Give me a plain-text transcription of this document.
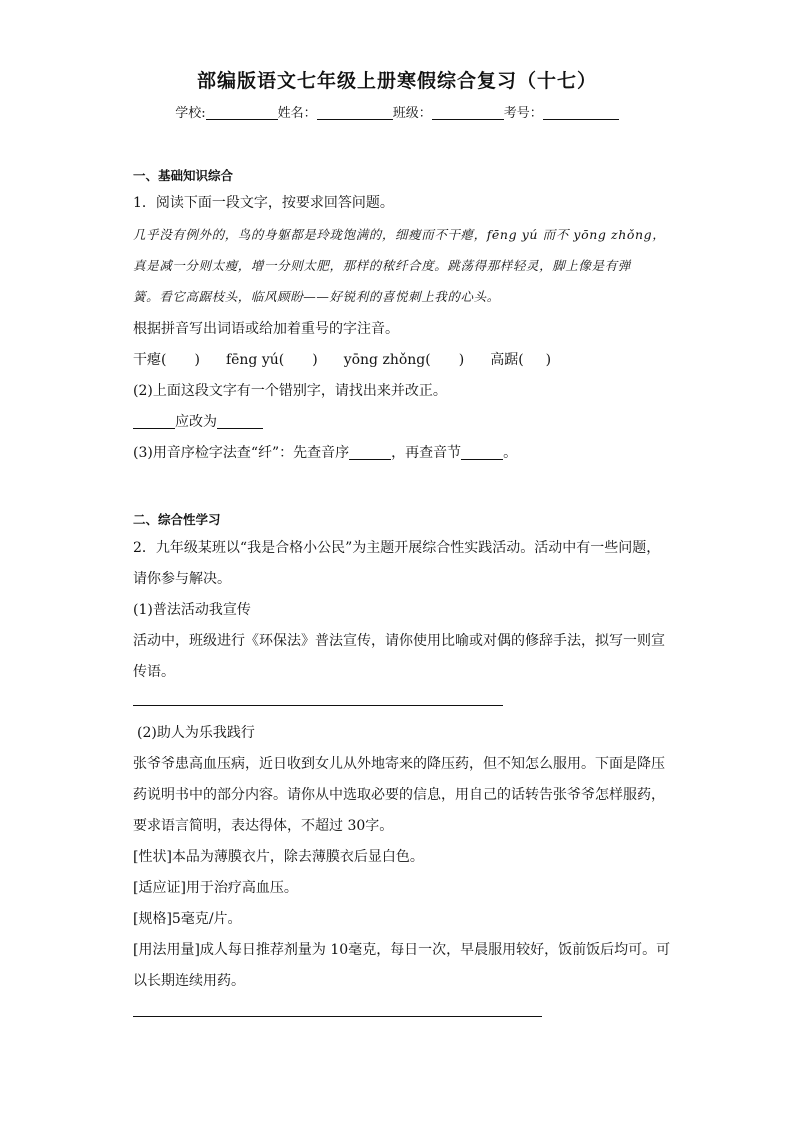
部编版语文七年级上册寒假综合复习（十七）
学校:	姓名：	班级：	考号：
一、基础知识综合
1．阅读下面一段文字，按要求回答问题。
几乎没有例外的，鸟的身躯都是玲珑饱满的，细瘦而不干瘪，fēng yú 而不 yōng zhǒng，
真是减一分则太瘦，增一分则太肥，那样的秾纤合度。跳荡得那样轻灵，脚上像是有弹
簧。看它高踞枝头，临风顾盼——好锐利的喜悦刺上我的心头。
根据拼音写出词语或给加着重号的字注音。
干瘪( ) fēng yú( ) yōng zhǒng( ) 高踞( )
(2)上面这段文字有一个错别字，请找出来并改正。
应改为
(3)用音序检字法查“纤”：先查音序	，再查音节	。
二、综合性学习
2．九年级某班以“我是合格小公民”为主题开展综合性实践活动。活动中有一些问题，
请你参与解决。
(1)普法活动我宣传
活动中，班级进行《环保法》普法宣传，请你使用比喻或对偶的修辞手法，拟写一则宣
传语。
(2)助人为乐我践行
张爷爷患高血压病，近日收到女儿从外地寄来的降压药，但不知怎么服用。下面是降压
药说明书中的部分内容。请你从中选取必要的信息，用自己的话转告张爷爷怎样服药，
要求语言简明，表达得体，不超过 30字。
[性状]本品为薄膜衣片，除去薄膜衣后显白色。
[适应证]用于治疗高血压。
[规格]5毫克/片。
[用法用量]成人每日推荐剂量为 10毫克，每日一次，早晨服用较好，饭前饭后均可。可
以长期连续用药。
